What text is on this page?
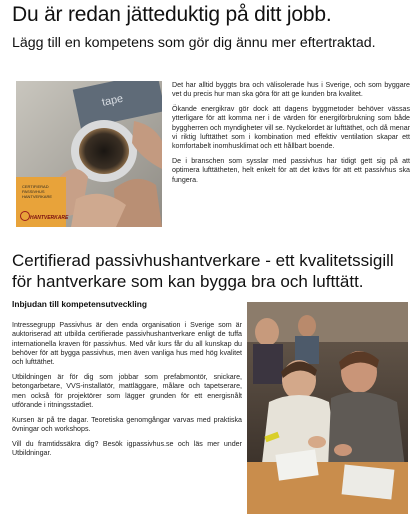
Du är redan jätteduktig på ditt jobb.
Lägg till en kompetens som gör dig ännu mer eftertraktad.
tape
CERTIFIERAD PASSIVHUS HANTVERKARE
HANTVERKARE

Det har alltid byggts bra och välisolerade hus i Sverige, och som byggare vet du precis hur man ska göra för att ge kunden bra kvalitet.

Ökande energikrav gör dock att dagens byggmetoder behöver vässas ytterligare för att komma ner i de värden för energiförbrukning som både byggherren och myndigheter vill se. Nyckelordet är lufttäthet, och då menar vi riktig lufttäthet som i kombination med effektiv ventilation skapar ett komfortabelt inomhusklimat och ett hållbart boende.

De i branschen som sysslar med passivhus har tidigt gett sig på att optimera lufttätheten, helt enkelt för att det krävs för att ett passivhus ska fungera.

Certifierad passivhushantverkare - ett kvalitetssigill
för hantverkare som kan bygga bra och lufttätt.
Inbjudan till kompetensutveckling

Intressegrupp Passivhus är den enda organisation i Sverige som är auktoriserad att utbilda certifierade passivhushantverkare enligt de tuffa internationella kraven för passivhus. Med vår kurs får du all kunskap du behöver för att bygga passivhus, men även vanliga hus med hög kvalitet och lufttäthet.

Utbildningen är för dig som jobbar som prefabmontör, snickare, betongarbetare, VVS-installatör, mattläggare, målare och tapetserare, men också för projektörer som lägger grunden för ett energisnålt utförande i ritningsstadiet.

Kursen är på tre dagar. Teoretiska genomgångar varvas med praktiska övningar och workshops.

Vill du framtidssäkra dig? Besök igpassivhus.se och läs mer under Utbildningar.
